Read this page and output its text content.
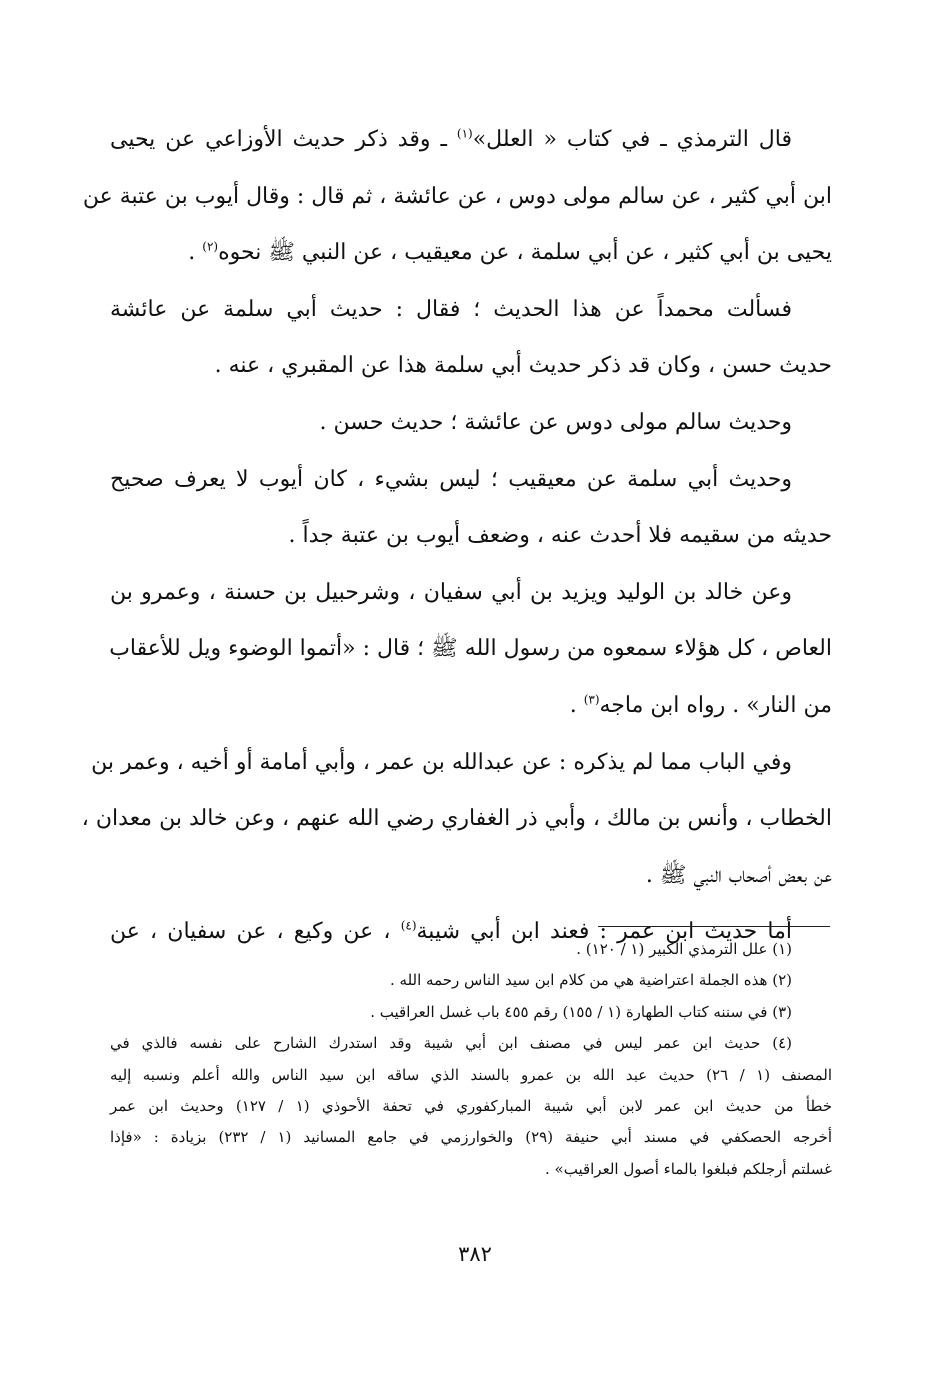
قال الترمذي ـ في كتاب « العلل»$^{(١)}$ ـ وقد ذكر حديث الأوزاعي عن يحيى
ابن أبي كثير ، عن سالم مولى دوس ، عن عائشة ، ثم قال : وقال أيوب بن عتبة عن
يحيى بن أبي كثير ، عن أبي سلمة ، عن معيقيب ، عن النبي ﷺ نحوه$^{(٢)}$ .
فسألت محمداً عن هذا الحديث ؛ فقال : حديث أبي سلمة عن عائشة
حديث حسن ، وكان قد ذكر حديث أبي سلمة هذا عن المقبري ، عنه .
وحديث سالم مولى دوس عن عائشة ؛ حديث حسن .
وحديث أبي سلمة عن معيقيب ؛ ليس بشيء ، كان أيوب لا يعرف صحيح
حديثه من سقيمه فلا أحدث عنه ، وضعف أيوب بن عتبة جداً .
وعن خالد بن الوليد ويزيد بن أبي سفيان ، وشرحبيل بن حسنة ، وعمرو بن
العاص ، كل هؤلاء سمعوه من رسول الله ﷺ ؛ قال : «أتموا الوضوء ويل للأعقاب
من النار» . رواه ابن ماجه$^{(٣)}$ .
وفي الباب مما لم يذكره : عن عبدالله بن عمر ، وأبي أمامة أو أخيه ، وعمر بن
الخطاب ، وأنس بن مالك ، وأبي ذر الغفاري رضي الله عنهم ، وعن خالد بن معدان ،
عن بعض أصحاب النبي ﷺ .
أما حديث ابن عمر : فعند ابن أبي شيبة$^{(٤)}$ ، عن وكيع ، عن سفيان ، عن
(١) علل الترمذي الكبير (١ / ١٢٠) .
(٢) هذه الجملة اعتراضية هي من كلام ابن سيد الناس رحمه الله .
(٣) في سننه كتاب الطهارة (١ / ١٥٥) رقم ٤٥٥ باب غسل العراقيب .
(٤) حديث ابن عمر ليس في مصنف ابن أبي شيبة وقد استدرك الشارح على نفسه فالذي في
المصنف (١ / ٢٦) حديث عبد الله بن عمرو بالسند الذي ساقه ابن سيد الناس والله أعلم ونسبه إليه
خطأ من حديث ابن عمر لابن أبي شيبة المباركفوري في تحفة الأحوذي (١ / ١٢٧) وحديث ابن عمر
أخرجه الحصكفي في مسند أبي حنيفة (٢٩) والخوارزمي في جامع المسانيد (١ / ٢٣٢) بزيادة : «فإذا
غسلتم أرجلكم فبلغوا بالماء أصول العراقيب» .
٣٨٢
